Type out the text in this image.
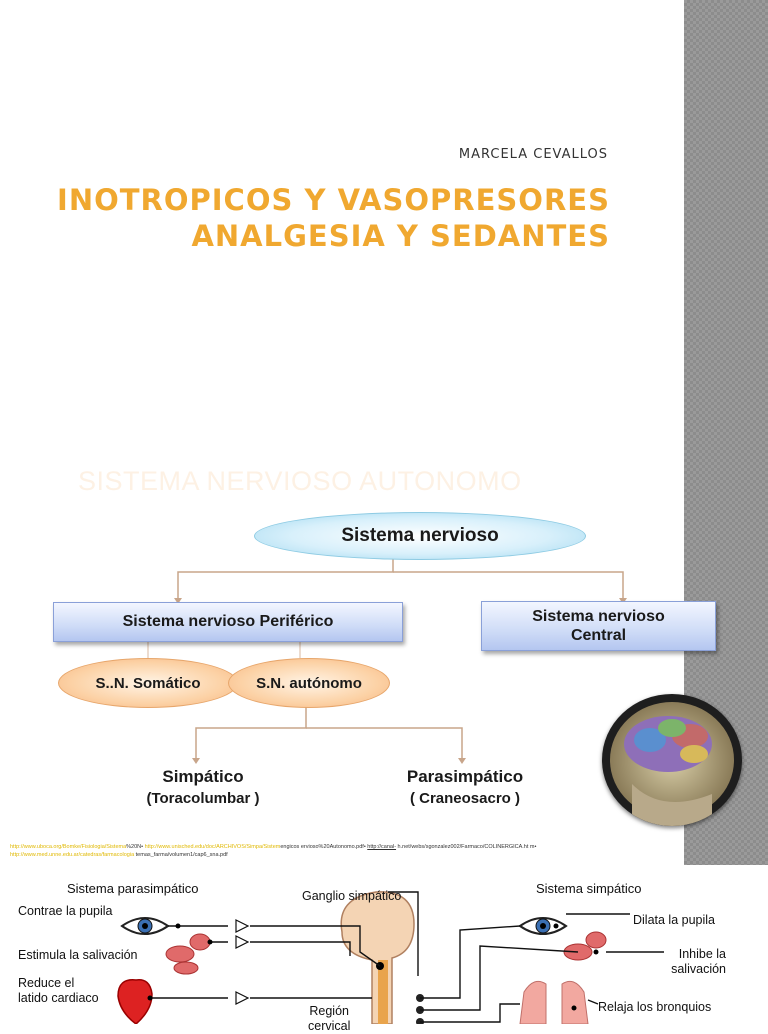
MARCELA CEVALLOS
INOTROPICOS Y VASOPRESORES
ANALGESIA Y SEDANTES
SISTEMA NERVIOSO AUTONOMO
Sistema nervioso
Sistema nervioso Periférico	Sistema nervioso
Central
S..N. Somático	S.N. autónomo
Simpático
(Toracolumbar )
Parasimpático
( Craneosacro )
http://www.uboca.org/Bomke/Fisiologia/Sistema%20N• http://www.unisched.edu/doc/ARCHIVOS/Simpa/Sistemengicos ervioso%20Autonomo.pdf• http://canal- h.net/webs/sgonzalez002/Farmaco/COLINERGICA.ht m•
http://www.med.unne.edu.ar/catedras/farmacologia temas_farma/volumen1/cap6_sna.pdf
Sistema parasimpático	Sistema simpático
Ganglio simpático
Contrae la pupila
Estimula la salivación
Reduce el
latido cardiaco
Región
cervical
Dilata la pupila
Inhibe la
salivación
Relaja los bronquios
